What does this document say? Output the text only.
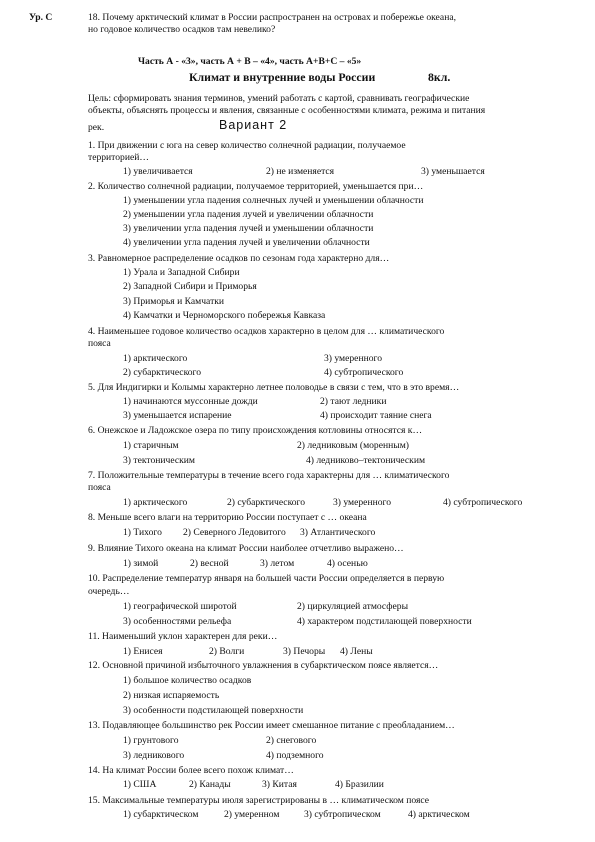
Ур. С	18. Почему арктический климат в России распространен на островах и побережье океана,
но годовое количество осадков там невелико?
Часть А - «3», часть А + В – «4», часть А+В+С – «5»
Климат и внутренние воды России	8кл.
Цель: сформировать знания терминов, умений работать с картой, сравнивать географические
объекты, объяснять процессы и явления, связанные с особенностями климата, режима и питания
рек.	Вариант 2
1. При движении с юга на север количество солнечной радиации, получаемое
территорией…
1) увеличивается	2) не изменяется	3) уменьшается
2. Количество солнечной радиации, получаемое территорией, уменьшается при…
1) уменьшении угла падения солнечных лучей и уменьшении облачности
2) уменьшении угла падения лучей и увеличении облачности
3) увеличении угла падения лучей и уменьшении облачности
4) увеличении угла падения лучей и увеличении облачности
3. Равномерное распределение осадков по сезонам года характерно для…
1) Урала и Западной Сибири
2) Западной Сибири и Приморья
3) Приморья и Камчатки
4) Камчатки и Черноморского побережья Кавказа
4. Наименьшее годовое количество осадков характерно в целом для … климатического
пояса
1) арктического	3) умеренного
2) субарктического	4) субтропического
5. Для Индигирки и Колымы характерно летнее половодье в связи с тем, что в это время…
1) начинаются муссонные дожди	2) тают ледники
3) уменьшается испарение	4) происходит таяние снега
6. Онежское и Ладожское озера по типу происхождения котловины относятся к…
1) старичным	2) ледниковым (моренным)
3) тектоническим	4) ледниково–тектоническим
7. Положительные температуры в течение всего года характерны для … климатического
пояса
1) арктического	2) субарктического	3) умеренного	4) субтропического
8. Меньше всего влаги на территорию России поступает с … океана
1) Тихого 2) Северного Ледовитого 3) Атлантического
9. Влияние Тихого океана на климат России наиболее отчетливо выражено…
1) зимой	2) весной	3) летом	4) осенью
10. Распределение температур января на большей части России определяется в первую
очередь…
1) географической широтой	2) циркуляцией атмосферы
3) особенностями рельефа	4) характером подстилающей поверхности
11. Наименьший уклон характерен для реки…
1) Енисея	2) Волги	3) Печоры 4) Лены
12. Основной причиной избыточного увлажнения в субарктическом поясе является…
1) большое количество осадков
2) низкая испаряемость
3) особенности подстилающей поверхности
13. Подавляющее большинство рек России имеет смешанное питание с преобладанием…
1) грунтового	2) снегового
3) ледникового	4) подземного
14. На климат России более всего похож климат…
1) США	2) Канады	3) Китая	4) Бразилии
15. Максимальные температуры июля зарегистрированы в … климатическом поясе
1) субарктическом	2) умеренном	3) субтропическом	4) арктическом
